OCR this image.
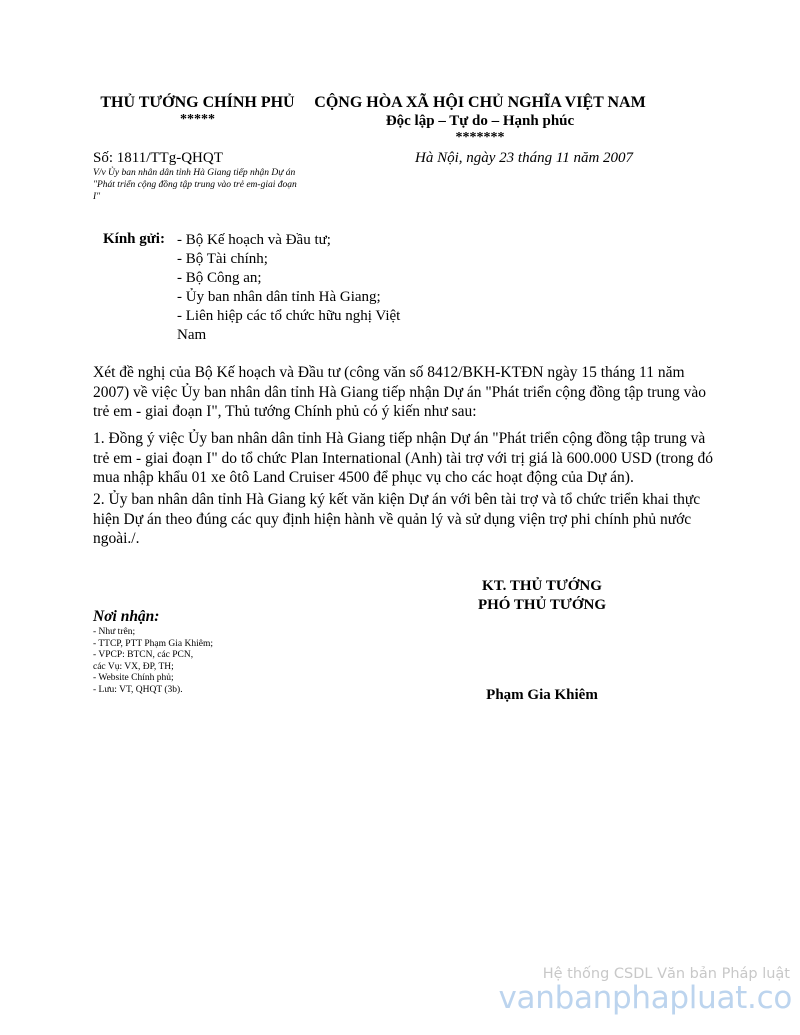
THỦ TƯỚNG CHÍNH PHỦ
*****
CỘNG HÒA XÃ HỘI CHỦ NGHĨA VIỆT NAM
Độc lập – Tự do – Hạnh phúc
*******
Số: 1811/TTg-QHQT	Hà Nội, ngày 23 tháng 11 năm 2007
V/v Ủy ban nhân dân tỉnh Hà Giang tiếp nhận Dự án "Phát triển cộng đồng tập trung vào trẻ em-giai đoạn I"
Kính gửi: - Bộ Kế hoạch và Đầu tư;
- Bộ Tài chính;
- Bộ Công an;
- Ủy ban nhân dân tỉnh Hà Giang;
- Liên hiệp các tổ chức hữu nghị Việt Nam
Xét đề nghị của Bộ Kế hoạch và Đầu tư (công văn số 8412/BKH-KTĐN ngày 15 tháng 11 năm 2007) về việc Ủy ban nhân dân tỉnh Hà Giang tiếp nhận Dự án "Phát triển cộng đồng tập trung vào trẻ em - giai đoạn I", Thủ tướng Chính phủ có ý kiến như sau:
1. Đồng ý việc Ủy ban nhân dân tỉnh Hà Giang tiếp nhận Dự án "Phát triển cộng đồng tập trung và trẻ em - giai đoạn I" do tổ chức Plan International (Anh) tài trợ với trị giá là 600.000 USD (trong đó mua nhập khẩu 01 xe ôtô Land Cruiser 4500 để phục vụ cho các hoạt động của Dự án).
2. Ủy ban nhân dân tỉnh Hà Giang ký kết văn kiện Dự án với bên tài trợ và tổ chức triển khai thực hiện Dự án theo đúng các quy định hiện hành về quản lý và sử dụng viện trợ phi chính phủ nước ngoài./.
KT. THỦ TƯỚNG
PHÓ THỦ TƯỚNG
Phạm Gia Khiêm
Nơi nhận:
- Như trên;
- TTCP, PTT Phạm Gia Khiêm;
- VPCP: BTCN, các PCN,
các Vụ: VX, ĐP, TH;
- Website Chính phủ;
- Lưu: VT, QHQT (3b).
Hệ thống CSDL Văn bản Pháp luật
vanbanphapluat.co
